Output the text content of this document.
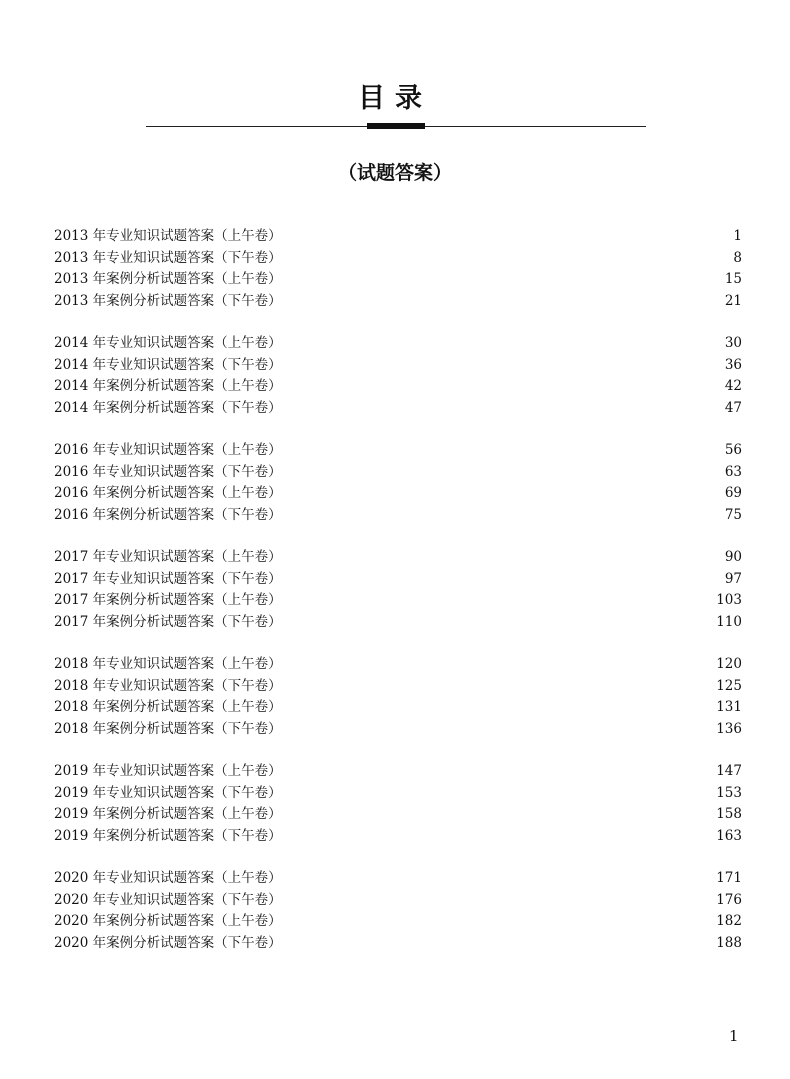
目录
（试题答案）
2013 年专业知识试题答案（上午卷） .....	1
2013 年专业知识试题答案（下午卷） .....	8
2013 年案例分析试题答案（上午卷） .....	15
2013 年案例分析试题答案（下午卷） .....	21
2014 年专业知识试题答案（上午卷） .....	30
2014 年专业知识试题答案（下午卷） .....	36
2014 年案例分析试题答案（上午卷） .....	42
2014 年案例分析试题答案（下午卷） .....	47
2016 年专业知识试题答案（上午卷） .....	56
2016 年专业知识试题答案（下午卷） .....	63
2016 年案例分析试题答案（上午卷） .....	69
2016 年案例分析试题答案（下午卷） .....	75
2017 年专业知识试题答案（上午卷） .....	90
2017 年专业知识试题答案（下午卷） .....	97
2017 年案例分析试题答案（上午卷） .....	103
2017 年案例分析试题答案（下午卷） .....	110
2018 年专业知识试题答案（上午卷） .....	120
2018 年专业知识试题答案（下午卷） .....	125
2018 年案例分析试题答案（上午卷） .....	131
2018 年案例分析试题答案（下午卷） .....	136
2019 年专业知识试题答案（上午卷） .....	147
2019 年专业知识试题答案（下午卷） .....	153
2019 年案例分析试题答案（上午卷） .....	158
2019 年案例分析试题答案（下午卷） .....	163
2020 年专业知识试题答案（上午卷） .....	171
2020 年专业知识试题答案（下午卷） .....	176
2020 年案例分析试题答案（上午卷） .....	182
2020 年案例分析试题答案（下午卷） .....	188
1
